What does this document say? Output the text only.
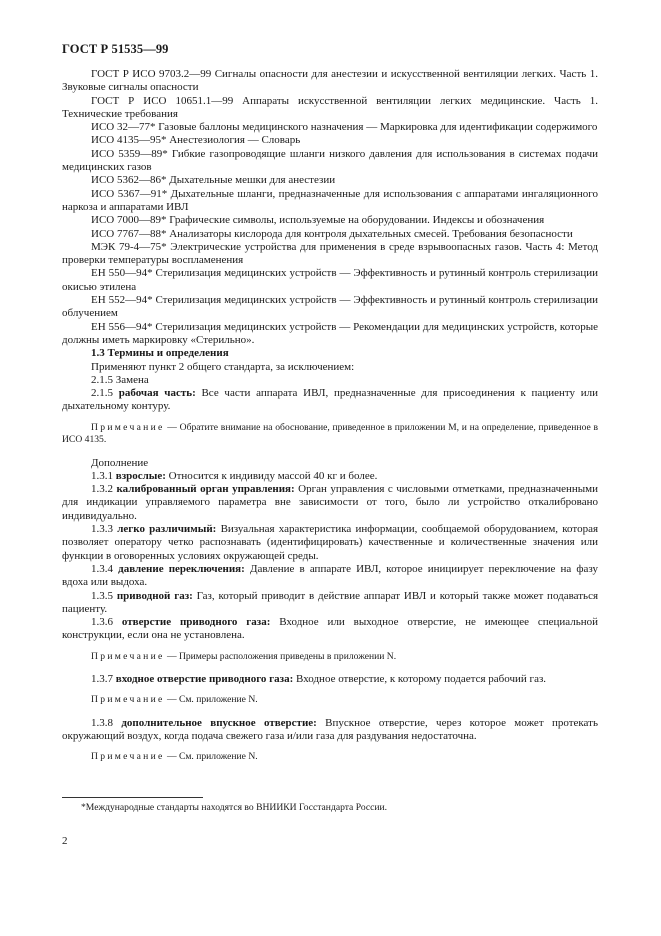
ГОСТ Р 51535—99

ГОСТ Р ИСО 9703.2—99 Сигналы опасности для анестезии и искусственной вентиляции легких. Часть 1. Звуковые сигналы опасности

ГОСТ Р ИСО 10651.1—99 Аппараты искусственной вентиляции легких медицинские. Часть 1. Технические требования

ИСО 32—77* Газовые баллоны медицинского назначения — Маркировка для идентификации содержимого

ИСО 4135—95* Анестезиология — Словарь

ИСО 5359—89* Гибкие газопроводящие шланги низкого давления для использования в системах подачи медицинских газов

ИСО 5362—86* Дыхательные мешки для анестезии

ИСО 5367—91* Дыхательные шланги, предназначенные для использования с аппаратами ингаляционного наркоза и аппаратами ИВЛ

ИСО 7000—89* Графические символы, используемые на оборудовании. Индексы и обозначения

ИСО 7767—88* Анализаторы кислорода для контроля дыхательных смесей. Требования безопасности

МЭК 79-4—75* Электрические устройства для применения в среде взрывоопасных газов. Часть 4: Метод проверки температуры воспламенения

ЕН 550—94* Стерилизация медицинских устройств — Эффективность и рутинный контроль стерилизации окисью этилена

ЕН 552—94* Стерилизация медицинских устройств — Эффективность и рутинный контроль стерилизации облучением

ЕН 556—94* Стерилизация медицинских устройств — Рекомендации для медицинских устройств, которые должны иметь маркировку «Стерильно».

1.3 Термины и определения

Применяют пункт 2 общего стандарта, за исключением:

2.1.5 Замена

2.1.5 рабочая часть: Все части аппарата ИВЛ, предназначенные для присоединения к пациенту или дыхательному контуру.

Примечание — Обратите внимание на обоснование, приведенное в приложении М, и на определение, приведенное в ИСО 4135.

Дополнение

1.3.1 взрослые: Относится к индивиду массой 40 кг и более.

1.3.2 калиброванный орган управления: Орган управления с числовыми отметками, предназначенными для индикации управляемого параметра вне зависимости от того, было ли устройство откалибровано индивидуально.

1.3.3 легко различимый: Визуальная характеристика информации, сообщаемой оборудованием, которая позволяет оператору четко распознавать (идентифицировать) качественные и количественные значения или функции в оговоренных условиях окружающей среды.

1.3.4 давление переключения: Давление в аппарате ИВЛ, которое инициирует переключение на фазу вдоха или выдоха.

1.3.5 приводной газ: Газ, который приводит в действие аппарат ИВЛ и который также может подаваться пациенту.

1.3.6 отверстие приводного газа: Входное или выходное отверстие, не имеющее специальной конструкции, если она не установлена.

Примечание — Примеры расположения приведены в приложении N.

1.3.7 входное отверстие приводного газа: Входное отверстие, к которому подается рабочий газ.

Примечание — См. приложение N.

1.3.8 дополнительное впускное отверстие: Впускное отверстие, через которое может протекать окружающий воздух, когда подача свежего газа и/или газа для раздувания недостаточна.

Примечание — См. приложение N.

*Международные стандарты находятся во ВНИИКИ Госстандарта России.
2
